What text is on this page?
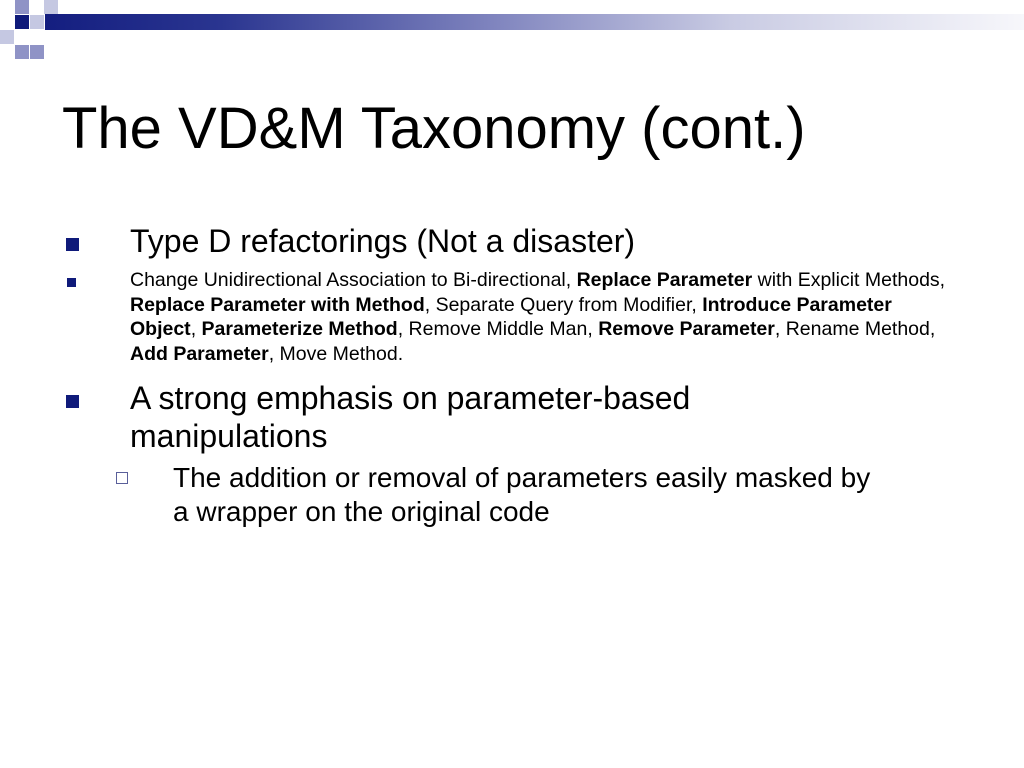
The VD&M Taxonomy (cont.)
Type D refactorings (Not a disaster)
Change Unidirectional Association to Bi-directional, Replace Parameter with Explicit Methods, Replace Parameter with Method, Separate Query from Modifier, Introduce Parameter Object, Parameterize Method, Remove Middle Man, Remove Parameter, Rename Method, Add Parameter, Move Method.
A strong emphasis on parameter-based manipulations
The addition or removal of parameters easily masked by a wrapper on the original code
